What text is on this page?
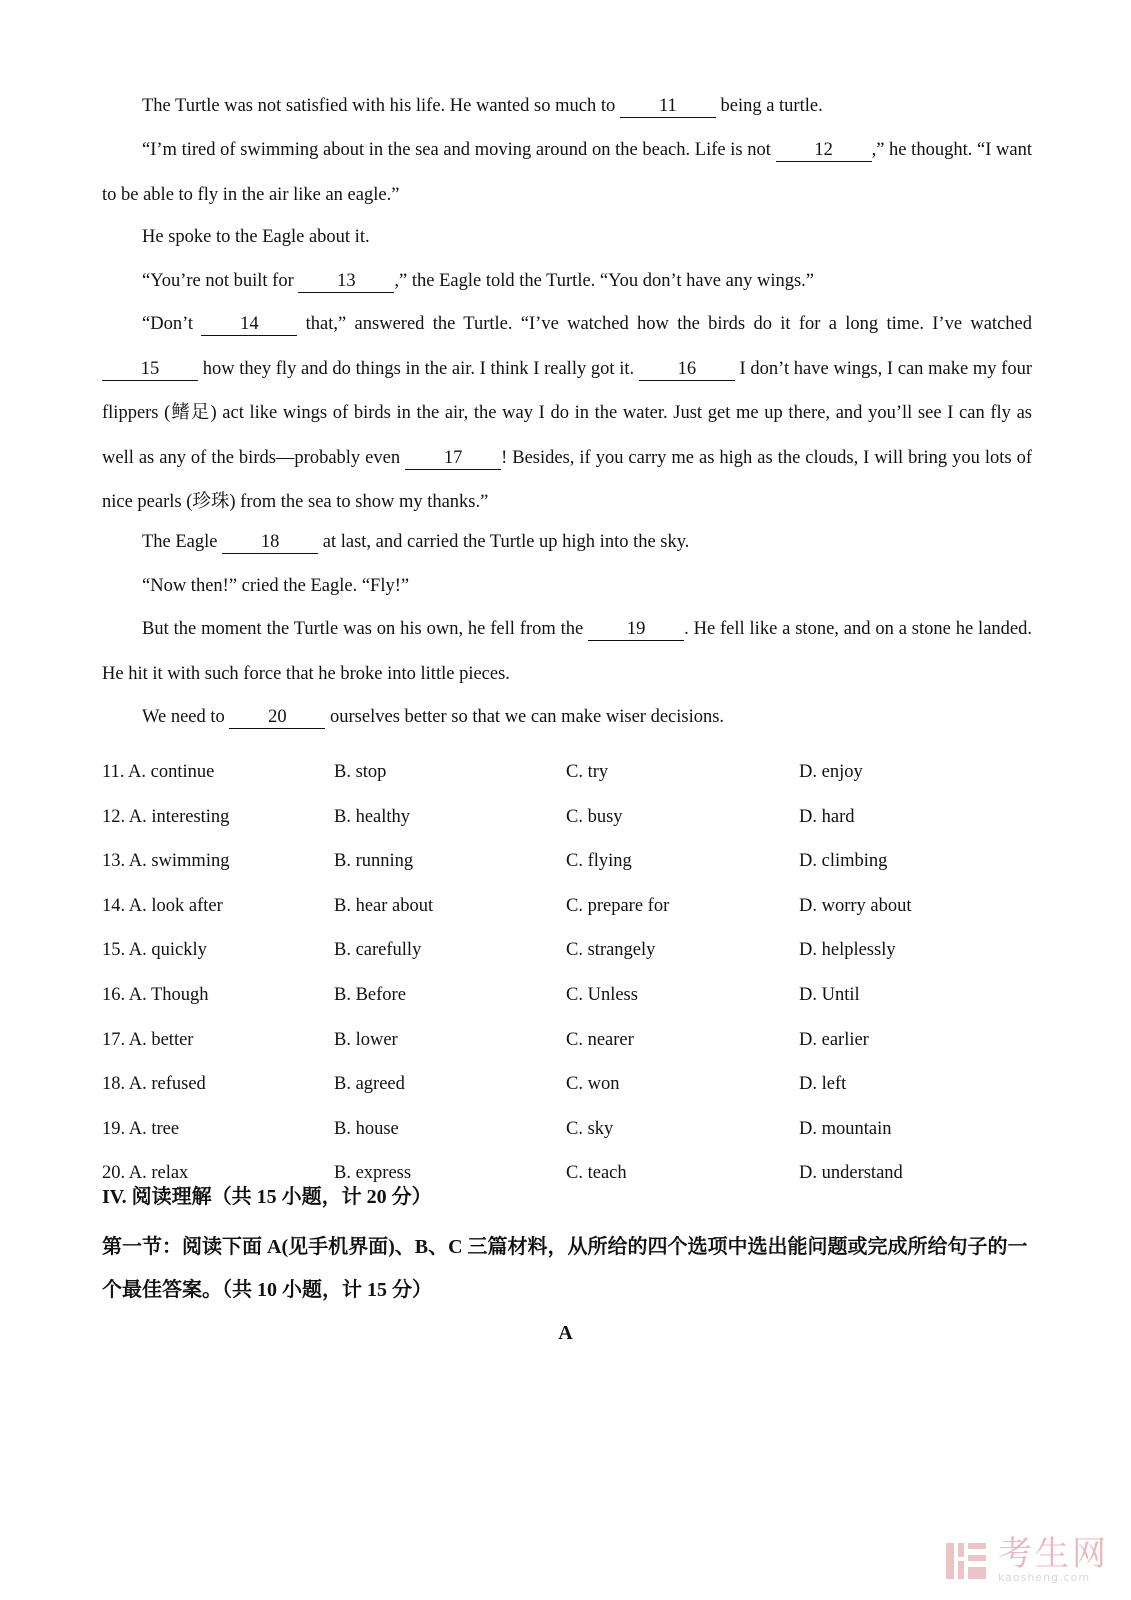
The Turtle was not satisfied with his life. He wanted so much to 11 being a turtle.

“I’m tired of swimming about in the sea and moving around on the beach. Life is not 12 ,” he thought. “I want to be able to fly in the air like an eagle.”

He spoke to the Eagle about it.

“You’re not built for 13 ,” the Eagle told the Turtle. “You don’t have any wings.”

“Don’t 14 that,” answered the Turtle. “I’ve watched how the birds do it for a long time. I’ve watched 15 how they fly and do things in the air. I think I really got it. 16 I don’t have wings, I can make my four flippers (鳍足) act like wings of birds in the air, the way I do in the water. Just get me up there, and you’ll see I can fly as well as any of the birds—probably even 17 ! Besides, if you carry me as high as the clouds, I will bring you lots of nice pearls (珍珠) from the sea to show my thanks.”

The Eagle 18 at last, and carried the Turtle up high into the sky.

“Now then!” cried the Eagle. “Fly!”

But the moment the Turtle was on his own, he fell from the 19 . He fell like a stone, and on a stone he landed. He hit it with such force that he broke into little pieces.

We need to 20 ourselves better so that we can make wiser decisions.

11. A. continue	B. stop	C. try	D. enjoy
12. A. interesting	B. healthy	C. busy	D. hard
13. A. swimming	B. running	C. flying	D. climbing
14. A. look after	B. hear about	C. prepare for	D. worry about
15. A. quickly	B. carefully	C. strangely	D. helplessly
16. A. Though	B. Before	C. Unless	D. Until
17. A. better	B. lower	C. nearer	D. earlier
18. A. refused	B. agreed	C. won	D. left
19. A. tree	B. house	C. sky	D. mountain
20. A. relax	B. express	C. teach	D. understand
IV. 阅读理解（共 15 小题，计 20 分）
第一节：阅读下面 A(见手机界面)、B、C 三篇材料，从所给的四个选项中选出能问题或完成所给句子的一个最佳答案。（共 10 小题，计 15 分）
A
考生网
kaosheng.com
